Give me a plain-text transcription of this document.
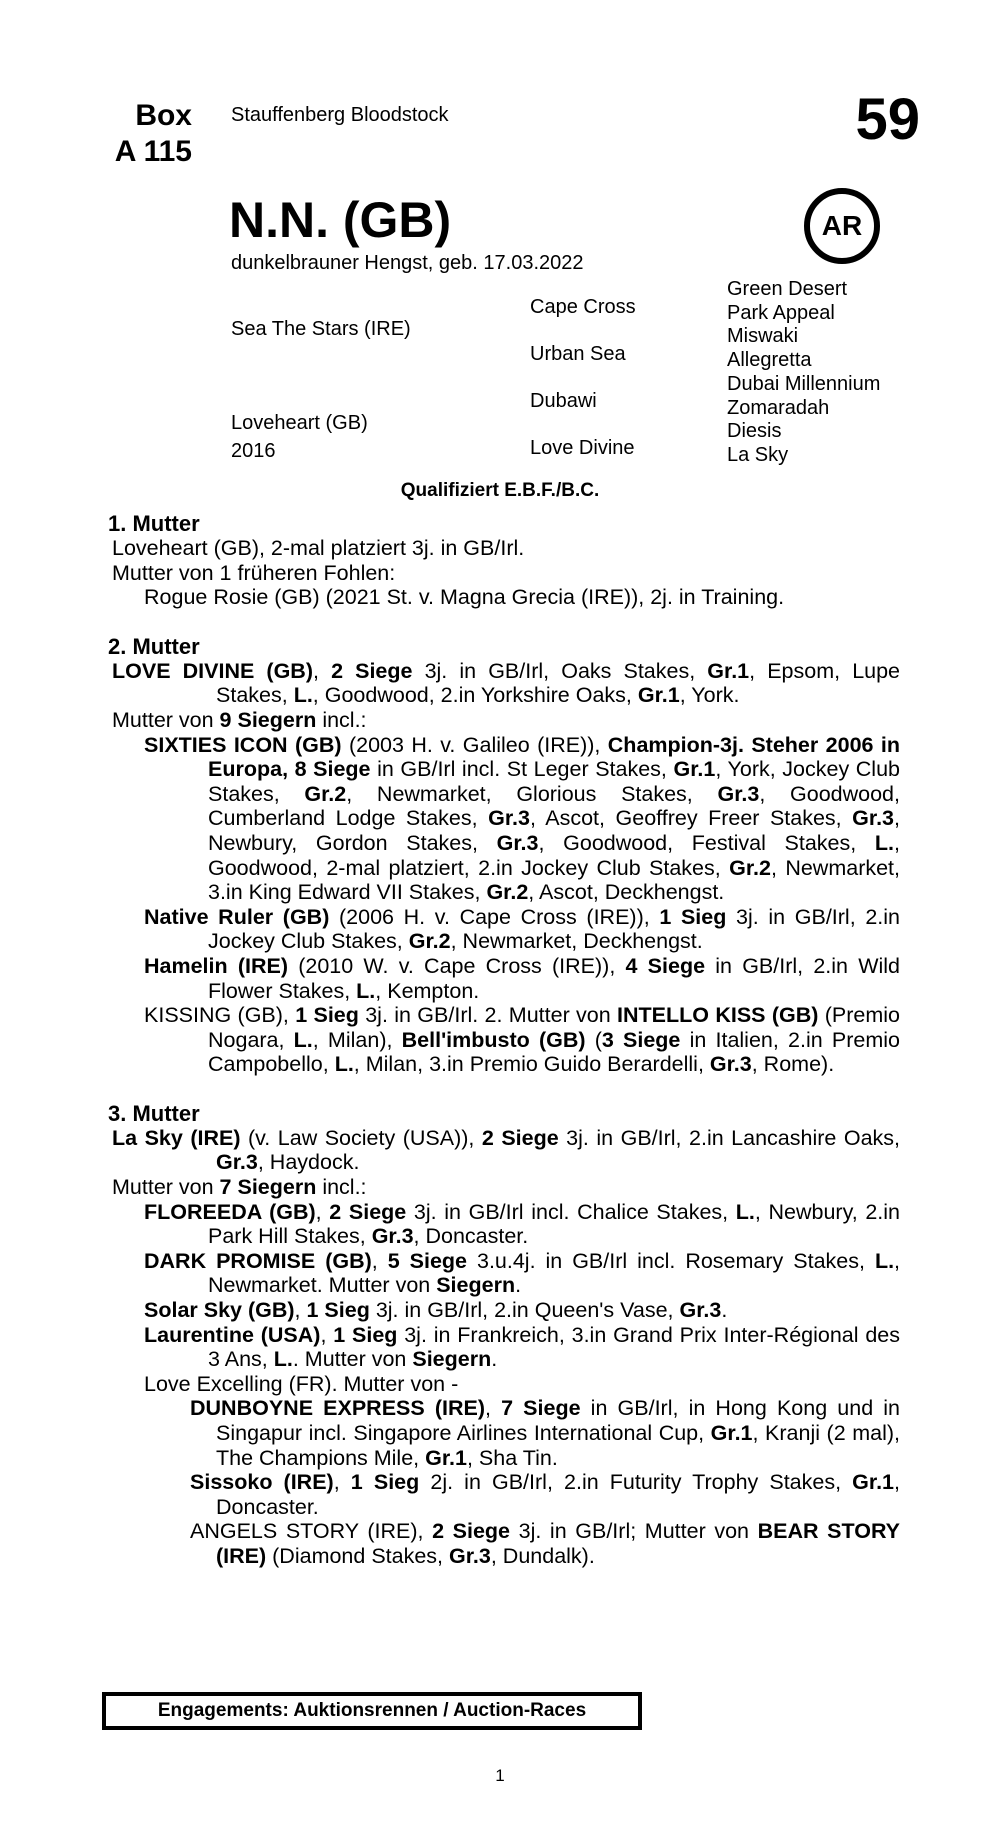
Box
A 115
Stauffenberg Bloodstock	59
AR
N.N. (GB)
dunkelbrauner Hengst, geb. 17.03.2022
Sea The Stars (IRE)
Loveheart (GB)
2016
Cape Cross
Urban Sea
Dubawi
Love Divine
Green Desert
Park Appeal
Miswaki
Allegretta
Dubai Millennium
Zomaradah
Diesis
La Sky
Qualifiziert E.B.F./B.C.
1. Mutter
Loveheart (GB), 2-mal platziert 3j. in GB/Irl.
Mutter von 1 früheren Fohlen:
Rogue Rosie (GB) (2021 St. v. Magna Grecia (IRE)), 2j. in Training.
2. Mutter
LOVE DIVINE (GB), 2 Siege 3j. in GB/Irl, Oaks Stakes, Gr.1, Epsom, Lupe Stakes, L., Goodwood, 2.in Yorkshire Oaks, Gr.1, York.
Mutter von 9 Siegern incl.:
SIXTIES ICON (GB) (2003 H. v. Galileo (IRE)), Champion-3j. Steher 2006 in Europa, 8 Siege in GB/Irl incl. St Leger Stakes, Gr.1, York, Jockey Club Stakes, Gr.2, Newmarket, Glorious Stakes, Gr.3, Goodwood, Cumberland Lodge Stakes, Gr.3, Ascot, Geoffrey Freer Stakes, Gr.3, Newbury, Gordon Stakes, Gr.3, Goodwood, Festival Stakes, L., Goodwood, 2-mal platziert, 2.in Jockey Club Stakes, Gr.2, Newmarket, 3.in King Edward VII Stakes, Gr.2, Ascot, Deckhengst.
Native Ruler (GB) (2006 H. v. Cape Cross (IRE)), 1 Sieg 3j. in GB/Irl, 2.in Jockey Club Stakes, Gr.2, Newmarket, Deckhengst.
Hamelin (IRE) (2010 W. v. Cape Cross (IRE)), 4 Siege in GB/Irl, 2.in Wild Flower Stakes, L., Kempton.
KISSING (GB), 1 Sieg 3j. in GB/Irl. 2. Mutter von INTELLO KISS (GB) (Premio Nogara, L., Milan), Bell'imbusto (GB) (3 Siege in Italien, 2.in Premio Campobello, L., Milan, 3.in Premio Guido Berardelli, Gr.3, Rome).
3. Mutter
La Sky (IRE) (v. Law Society (USA)), 2 Siege 3j. in GB/Irl, 2.in Lancashire Oaks, Gr.3, Haydock.
Mutter von 7 Siegern incl.:
FLOREEDA (GB), 2 Siege 3j. in GB/Irl incl. Chalice Stakes, L., Newbury, 2.in Park Hill Stakes, Gr.3, Doncaster.
DARK PROMISE (GB), 5 Siege 3.u.4j. in GB/Irl incl. Rosemary Stakes, L., Newmarket. Mutter von Siegern.
Solar Sky (GB), 1 Sieg 3j. in GB/Irl, 2.in Queen's Vase, Gr.3.
Laurentine (USA), 1 Sieg 3j. in Frankreich, 3.in Grand Prix Inter-Régional des 3 Ans, L.. Mutter von Siegern.
Love Excelling (FR). Mutter von -
DUNBOYNE EXPRESS (IRE), 7 Siege in GB/Irl, in Hong Kong und in Singapur incl. Singapore Airlines International Cup, Gr.1, Kranji (2 mal), The Champions Mile, Gr.1, Sha Tin.
Sissoko (IRE), 1 Sieg 2j. in GB/Irl, 2.in Futurity Trophy Stakes, Gr.1, Doncaster.
ANGELS STORY (IRE), 2 Siege 3j. in GB/Irl; Mutter von BEAR STORY (IRE) (Diamond Stakes, Gr.3, Dundalk).
Engagements: Auktionsrennen / Auction-Races
1
